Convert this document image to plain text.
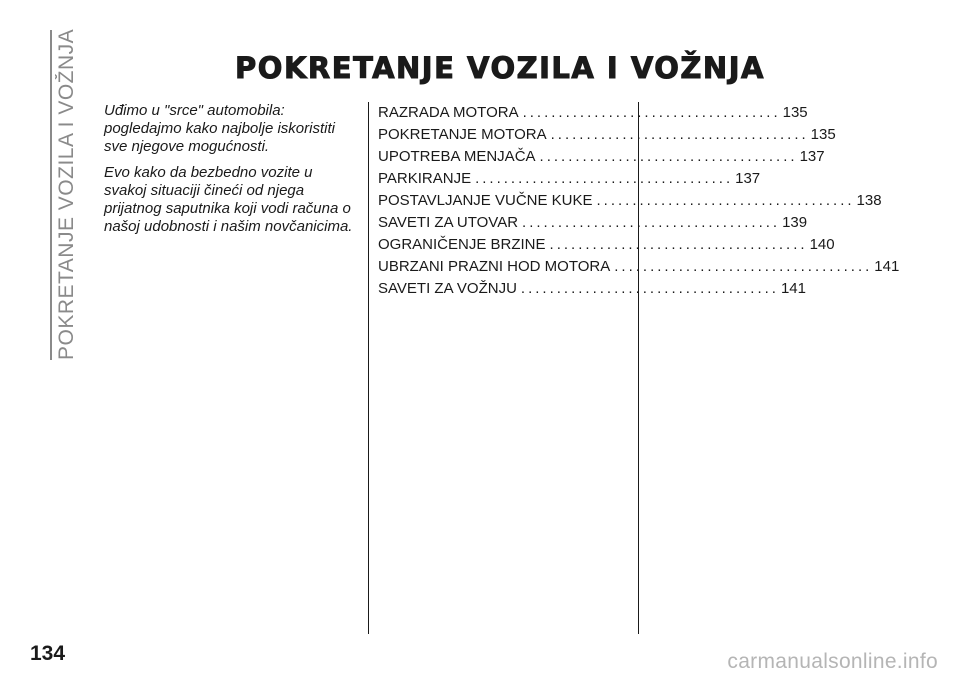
POKRETANJE VOZILA I VOŽNJA	POKRETANJE VOZILA I VOŽNJA

Uđimo u "srce" automobila: pogledajmo kako najbolje iskoristiti sve njegove mogućnosti.

Evo kako da bezbedno vozite u svakoj situaciji čineći od njega prijatnog saputnika koji vodi računa o našoj udobnosti i našim novčanicima.

RAZRADA MOTORA .................................... 135
POKRETANJE MOTORA .................................... 135
UPOTREBA MENJAČA .................................... 137
PARKIRANJE .................................... 137
POSTAVLJANJE VUČNE KUKE .................................... 138
SAVETI ZA UTOVAR .................................... 139
OGRANIČENJE BRZINE .................................... 140
UBRZANI PRAZNI HOD MOTORA .................................... 141
SAVETI ZA VOŽNJU .................................... 141
134	carmanualsonline.info
